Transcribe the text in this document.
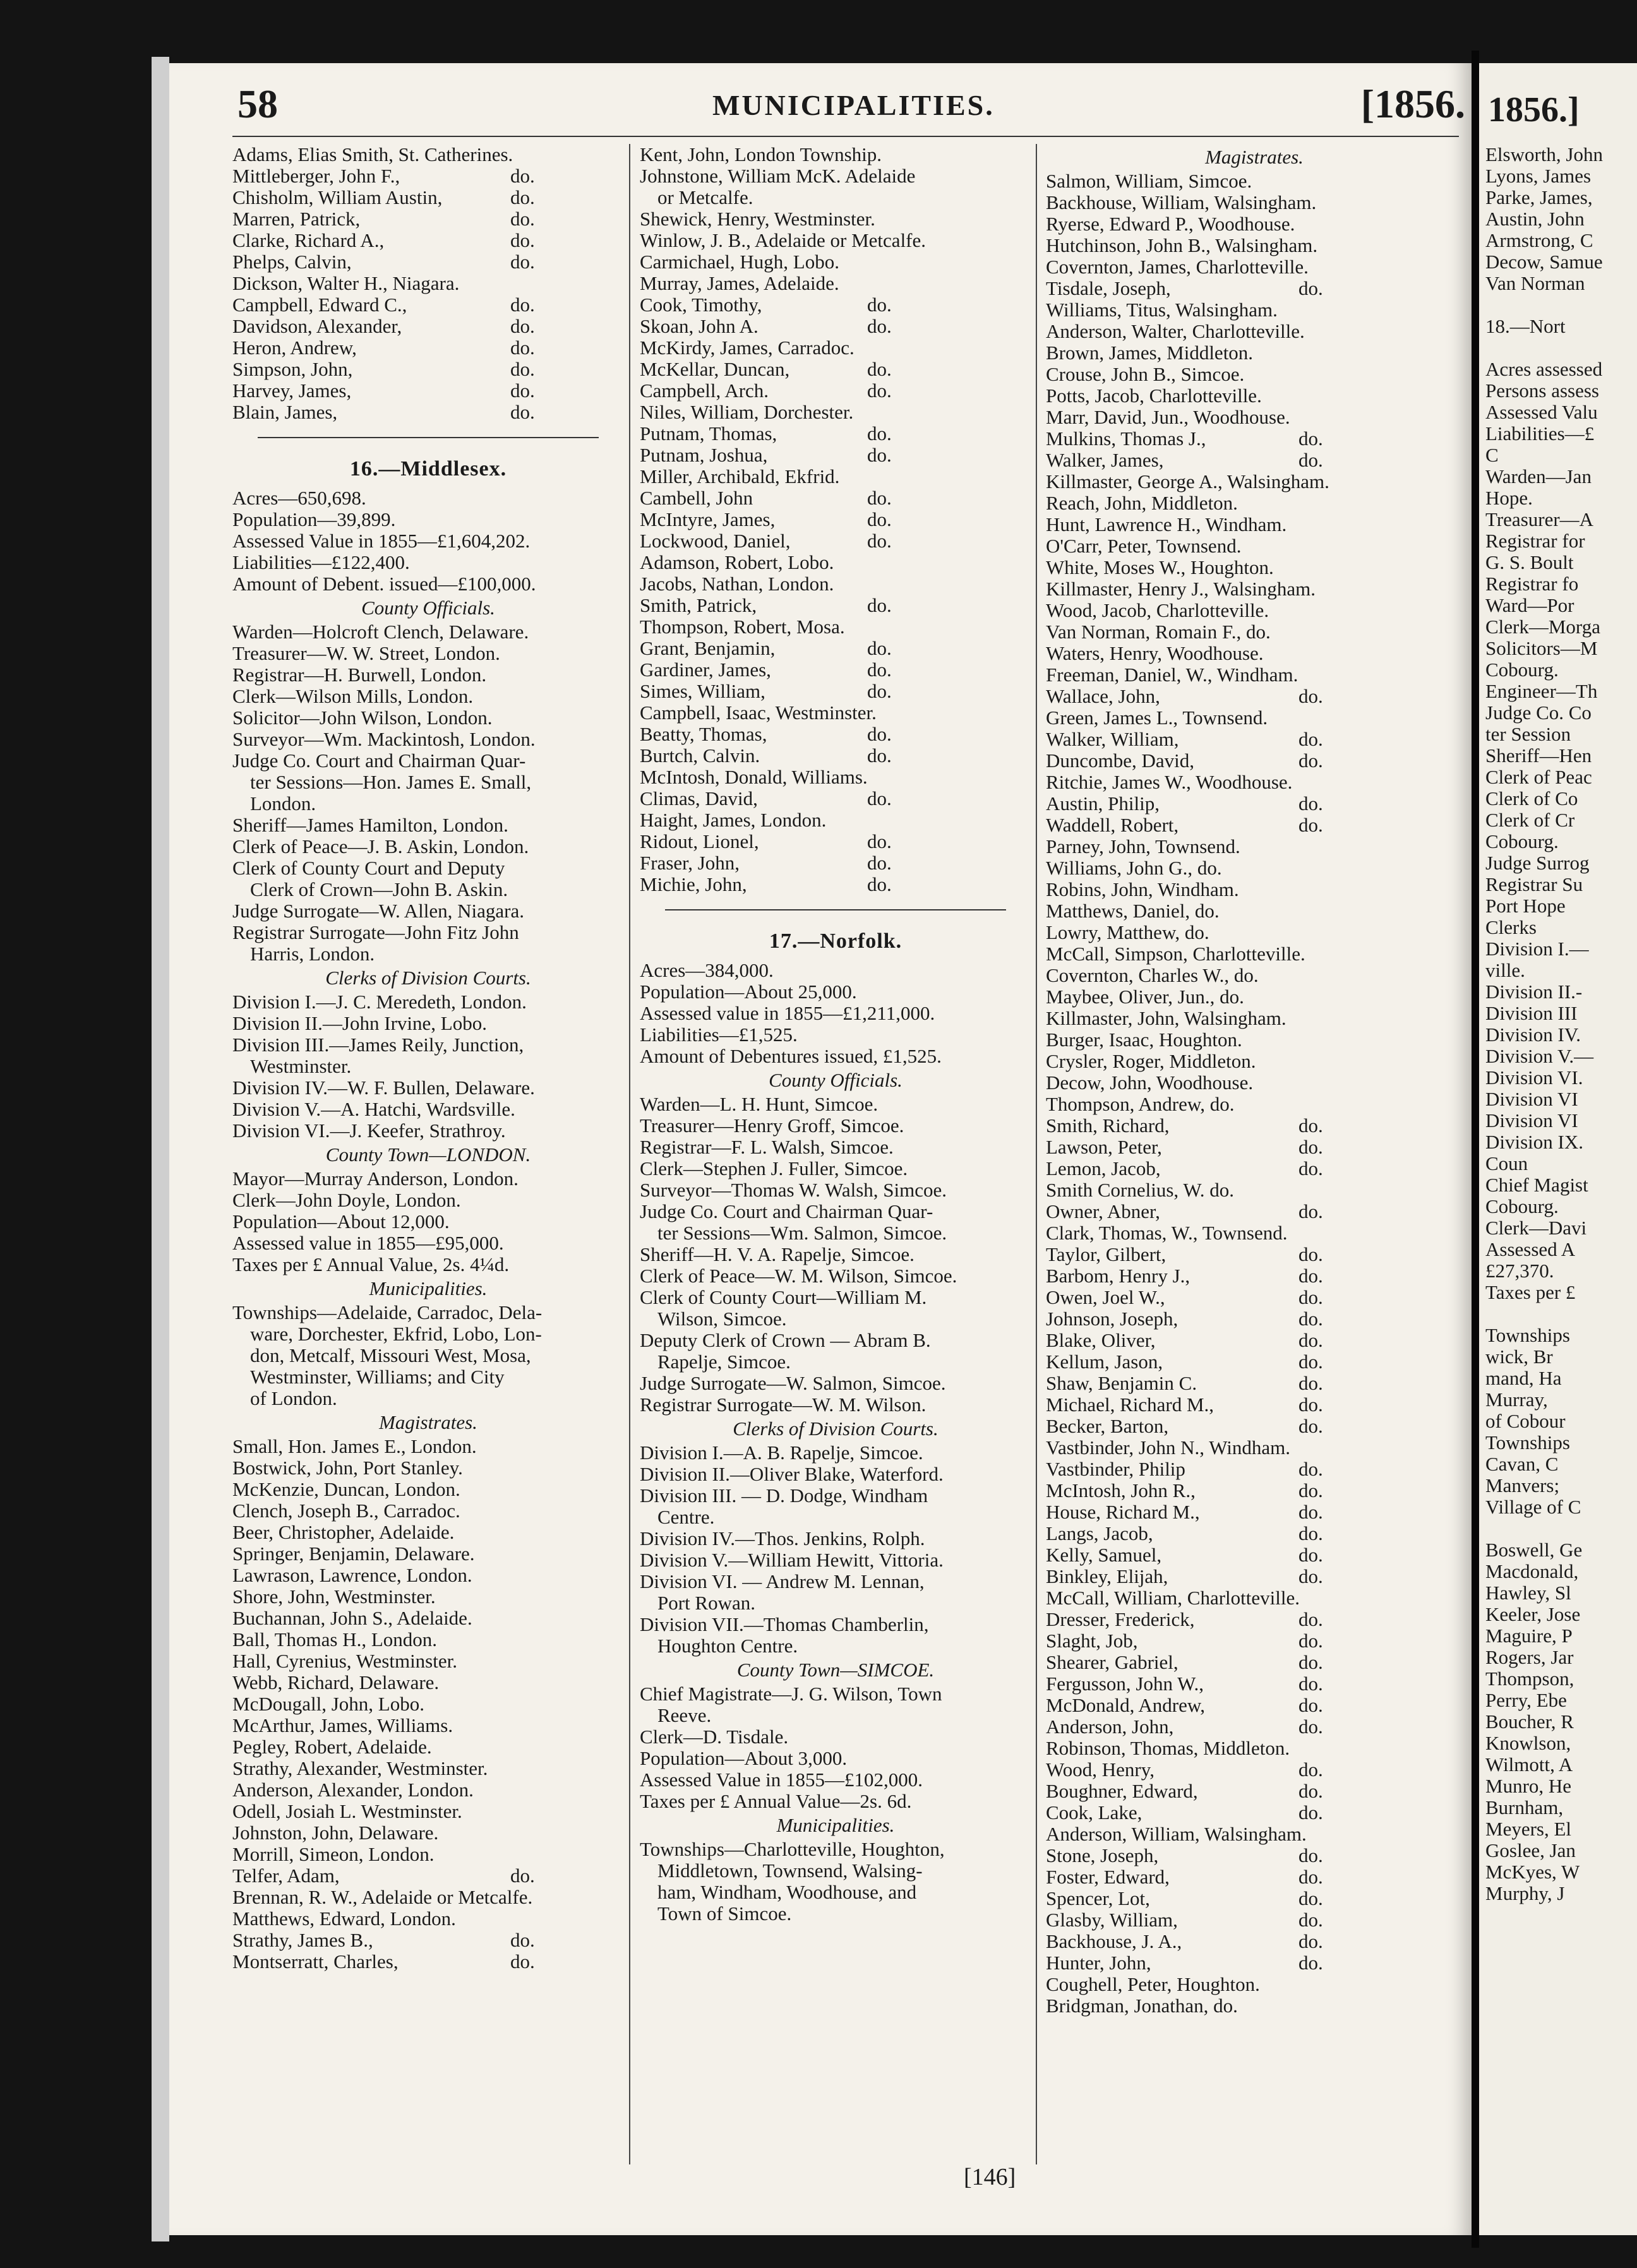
58	MUNICIPALITIES.	[1856.
Adams, Elias Smith, St. Catherines.
Mittleberger, John F.,	do.
Chisholm, William Austin,	do.
Marren, Patrick,	do.
Clarke, Richard A.,	do.
Phelps, Calvin,	do.
Dickson, Walter H., Niagara.
Campbell, Edward C.,	do.
Davidson, Alexander,	do.
Heron, Andrew,	do.
Simpson, John,	do.
Harvey, James,	do.
Blain, James,	do.
16.—Middlesex.
Acres—650,698.
Population—39,899.
Assessed Value in 1855—£1,604,202.
Liabilities—£122,400.
Amount of Debent. issued—£100,000.
County Officials.
Warden—Holcroft Clench, Delaware.
Treasurer—W. W. Street, London.
Registrar—H. Burwell, London.
Clerk—Wilson Mills, London.
Solicitor—John Wilson, London.
Surveyor—Wm. Mackintosh, London.
Judge Co. Court and Chairman Quar-
ter Sessions—Hon. James E. Small,
London.
Sheriff—James Hamilton, London.
Clerk of Peace—J. B. Askin, London.
Clerk of County Court and Deputy
Clerk of Crown—John B. Askin.
Judge Surrogate—W. Allen, Niagara.
Registrar Surrogate—John Fitz John
Harris, London.
Clerks of Division Courts.
Division I.—J. C. Meredeth, London.
Division II.—John Irvine, Lobo.
Division III.—James Reily, Junction,
Westminster.
Division IV.—W. F. Bullen, Delaware.
Division V.—A. Hatchi, Wardsville.
Division VI.—J. Keefer, Strathroy.
County Town—LONDON.
Mayor—Murray Anderson, London.
Clerk—John Doyle, London.
Population—About 12,000.
Assessed value in 1855—£95,000.
Taxes per £ Annual Value, 2s. 4¼d.
Municipalities.
Townships—Adelaide, Carradoc, Dela-
ware, Dorchester, Ekfrid, Lobo, Lon-
don, Metcalf, Missouri West, Mosa,
Westminster, Williams; and City
of London.
Magistrates.
Small, Hon. James E., London.
Bostwick, John, Port Stanley.
McKenzie, Duncan, London.
Clench, Joseph B., Carradoc.
Beer, Christopher, Adelaide.
Springer, Benjamin, Delaware.
Lawrason, Lawrence, London.
Shore, John, Westminster.
Buchannan, John S., Adelaide.
Ball, Thomas H., London.
Hall, Cyrenius, Westminster.
Webb, Richard, Delaware.
McDougall, John, Lobo.
McArthur, James, Williams.
Pegley, Robert, Adelaide.
Strathy, Alexander, Westminster.
Anderson, Alexander, London.
Odell, Josiah L. Westminster.
Johnston, John, Delaware.
Morrill, Simeon, London.
Telfer, Adam,	do.
Brennan, R. W., Adelaide or Metcalfe.
Matthews, Edward, London.
Strathy, James B.,	do.
Montserratt, Charles,	do.
Kent, John, London Township.
Johnstone, William McK. Adelaide
or Metcalfe.
Shewick, Henry, Westminster.
Winlow, J. B., Adelaide or Metcalfe.
Carmichael, Hugh, Lobo.
Murray, James, Adelaide.
Cook, Timothy,	do.
Skoan, John A.	do.
McKirdy, James, Carradoc.
McKellar, Duncan,	do.
Campbell, Arch.	do.
Niles, William, Dorchester.
Putnam, Thomas,	do.
Putnam, Joshua,	do.
Miller, Archibald, Ekfrid.
Cambell, John	do.
McIntyre, James,	do.
Lockwood, Daniel,	do.
Adamson, Robert, Lobo.
Jacobs, Nathan, London.
Smith, Patrick,	do.
Thompson, Robert, Mosa.
Grant, Benjamin,	do.
Gardiner, James,	do.
Simes, William,	do.
Campbell, Isaac, Westminster.
Beatty, Thomas,	do.
Burtch, Calvin.	do.
McIntosh, Donald, Williams.
Climas, David,	do.
Haight, James, London.
Ridout, Lionel,	do.
Fraser, John,	do.
Michie, John,	do.
17.—Norfolk.
Acres—384,000.
Population—About 25,000.
Assessed value in 1855—£1,211,000.
Liabilities—£1,525.
Amount of Debentures issued, £1,525.
County Officials.
Warden—L. H. Hunt, Simcoe.
Treasurer—Henry Groff, Simcoe.
Registrar—F. L. Walsh, Simcoe.
Clerk—Stephen J. Fuller, Simcoe.
Surveyor—Thomas W. Walsh, Simcoe.
Judge Co. Court and Chairman Quar-
ter Sessions—Wm. Salmon, Simcoe.
Sheriff—H. V. A. Rapelje, Simcoe.
Clerk of Peace—W. M. Wilson, Simcoe.
Clerk of County Court—William M.
Wilson, Simcoe.
Deputy Clerk of Crown — Abram B.
Rapelje, Simcoe.
Judge Surrogate—W. Salmon, Simcoe.
Registrar Surrogate—W. M. Wilson.
Clerks of Division Courts.
Division I.—A. B. Rapelje, Simcoe.
Division II.—Oliver Blake, Waterford.
Division III. — D. Dodge, Windham
Centre.
Division IV.—Thos. Jenkins, Rolph.
Division V.—William Hewitt, Vittoria.
Division VI. — Andrew M. Lennan,
Port Rowan.
Division VII.—Thomas Chamberlin,
Houghton Centre.
County Town—SIMCOE.
Chief Magistrate—J. G. Wilson, Town
Reeve.
Clerk—D. Tisdale.
Population—About 3,000.
Assessed Value in 1855—£102,000.
Taxes per £ Annual Value—2s. 6d.
Municipalities.
Townships—Charlotteville, Houghton,
Middletown, Townsend, Walsing-
ham, Windham, Woodhouse, and
Town of Simcoe.
Magistrates.
Salmon, William, Simcoe.
Backhouse, William, Walsingham.
Ryerse, Edward P., Woodhouse.
Hutchinson, John B., Walsingham.
Covernton, James, Charlotteville.
Tisdale, Joseph,	do.
Williams, Titus, Walsingham.
Anderson, Walter, Charlotteville.
Brown, James, Middleton.
Crouse, John B., Simcoe.
Potts, Jacob, Charlotteville.
Marr, David, Jun., Woodhouse.
Mulkins, Thomas J.,	do.
Walker, James,	do.
Killmaster, George A., Walsingham.
Reach, John, Middleton.
Hunt, Lawrence H., Windham.
O'Carr, Peter, Townsend.
White, Moses W., Houghton.
Killmaster, Henry J., Walsingham.
Wood, Jacob, Charlotteville.
Van Norman, Romain F., do.
Waters, Henry, Woodhouse.
Freeman, Daniel, W., Windham.
Wallace, John,	do.
Green, James L., Townsend.
Walker, William,	do.
Duncombe, David,	do.
Ritchie, James W., Woodhouse.
Austin, Philip,	do.
Waddell, Robert,	do.
Parney, John, Townsend.
Williams, John G., do.
Robins, John, Windham.
Matthews, Daniel, do.
Lowry, Matthew, do.
McCall, Simpson, Charlotteville.
Covernton, Charles W., do.
Maybee, Oliver, Jun., do.
Killmaster, John, Walsingham.
Burger, Isaac, Houghton.
Crysler, Roger, Middleton.
Decow, John, Woodhouse.
Thompson, Andrew, do.
Smith, Richard,	do.
Lawson, Peter,	do.
Lemon, Jacob,	do.
Smith Cornelius, W. do.
Owner, Abner,	do.
Clark, Thomas, W., Townsend.
Taylor, Gilbert,	do.
Barbom, Henry J.,	do.
Owen, Joel W.,	do.
Johnson, Joseph,	do.
Blake, Oliver,	do.
Kellum, Jason,	do.
Shaw, Benjamin C.	do.
Michael, Richard M.,	do.
Becker, Barton,	do.
Vastbinder, John N., Windham.
Vastbinder, Philip	do.
McIntosh, John R.,	do.
House, Richard M.,	do.
Langs, Jacob,	do.
Kelly, Samuel,	do.
Binkley, Elijah,	do.
McCall, William, Charlotteville.
Dresser, Frederick,	do.
Slaght, Job,	do.
Shearer, Gabriel,	do.
Fergusson, John W.,	do.
McDonald, Andrew,	do.
Anderson, John,	do.
Robinson, Thomas, Middleton.
Wood, Henry,	do.
Boughner, Edward,	do.
Cook, Lake,	do.
Anderson, William, Walsingham.
Stone, Joseph,	do.
Foster, Edward,	do.
Spencer, Lot,	do.
Glasby, William,	do.
Backhouse, J. A.,	do.
Hunter, John,	do.
Coughell, Peter, Houghton.
Bridgman, Jonathan, do.
[146]
1856.]
Elsworth, John
Lyons, James
Parke, James,
Austin, John
Armstrong, C
Decow, Samue
Van Norman
18.—Nort
Acres assessed
Persons assess
Assessed Valu
Liabilities—£
C
Warden—Jan
Hope.
Treasurer—A
Registrar for
G. S. Boult
Registrar fo
Ward—Por
Clerk—Morga
Solicitors—M
Cobourg.
Engineer—Th
Judge Co. Co
ter Session
Sheriff—Hen
Clerk of Peac
Clerk of Co
Clerk of Cr
Cobourg.
Judge Surrog
Registrar Su
Port Hope
Clerks
Division I.—
ville.
Division II.-
Division III
Division IV.
Division V.—
Division VI.
Division VI
Division VI
Division IX.
Coun
Chief Magist
Cobourg.
Clerk—Davi
Assessed A
£27,370.
Taxes per £
Townships
wick, Br
mand, Ha
Murray,
of Cobour
Townships
Cavan, C
Manvers;
Village of C
Boswell, Ge
Macdonald,
Hawley, Sl
Keeler, Jose
Maguire, P
Rogers, Jar
Thompson,
Perry, Ebe
Boucher, R
Knowlson,
Wilmott, A
Munro, He
Burnham,
Meyers, El
Goslee, Jan
McKyes, W
Murphy, J
